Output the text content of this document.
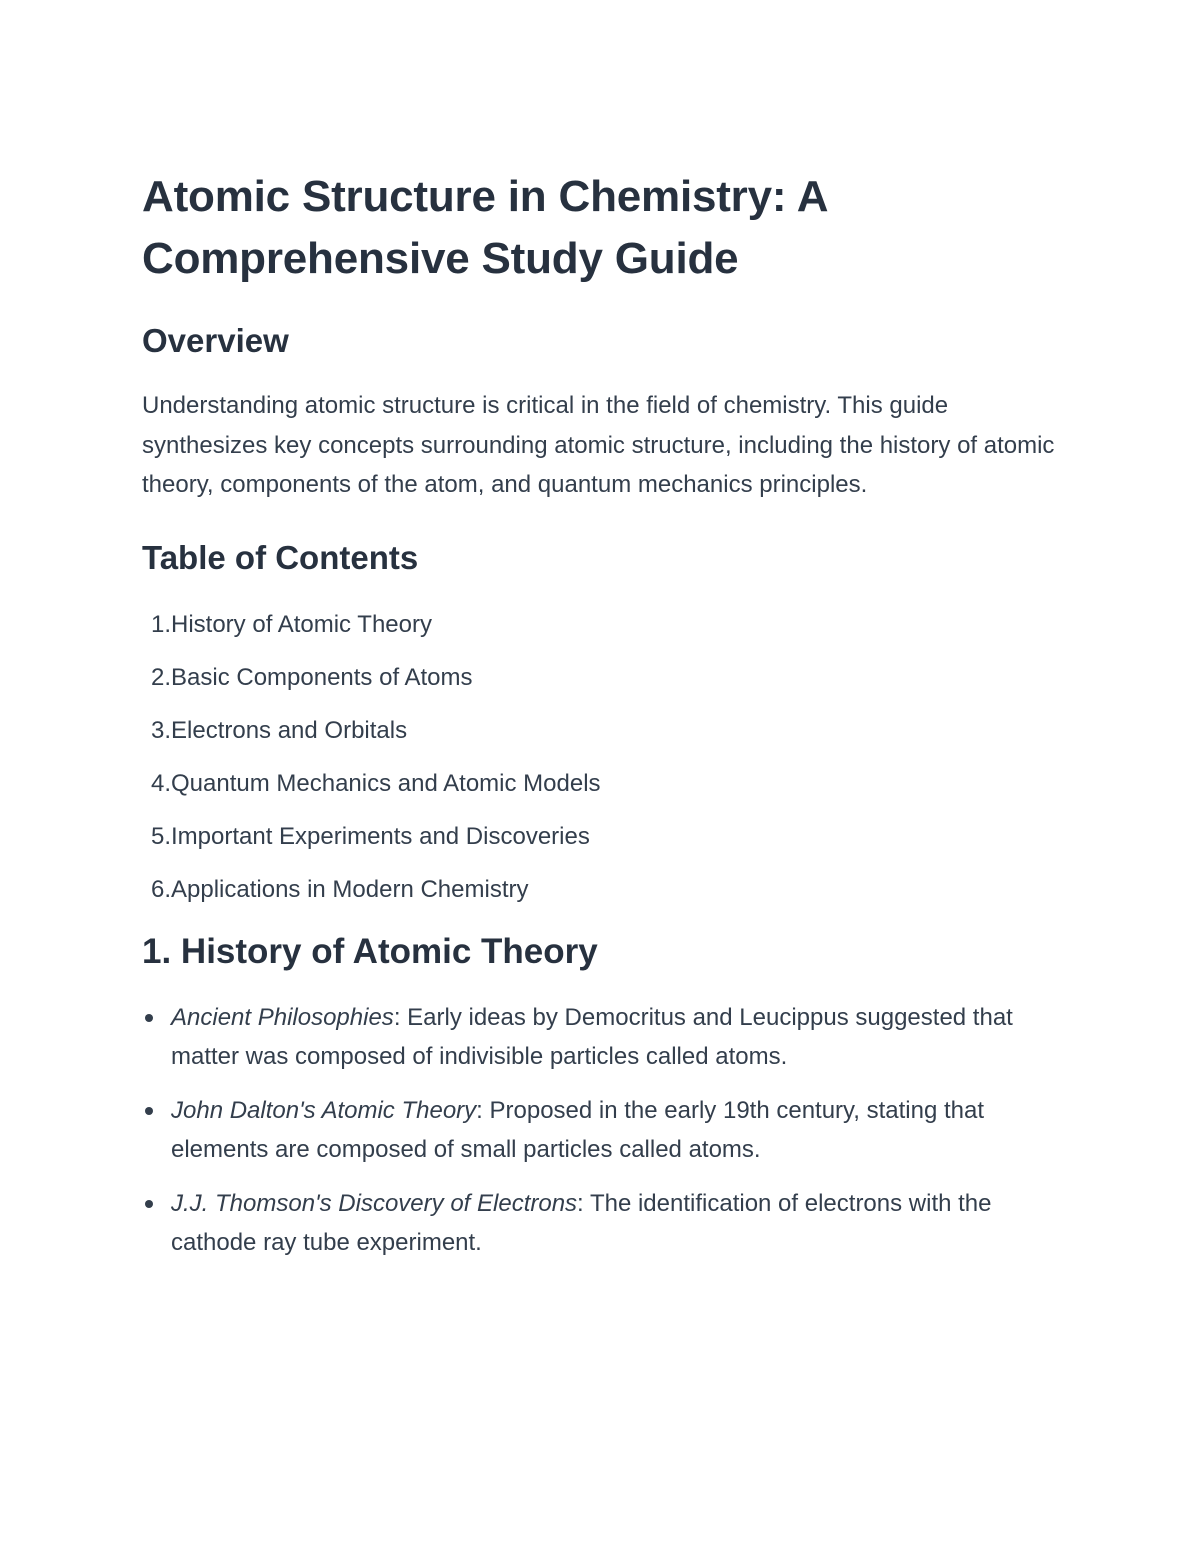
Atomic Structure in Chemistry: A Comprehensive Study Guide
Overview

Understanding atomic structure is critical in the field of chemistry. This guide synthesizes key concepts surrounding atomic structure, including the history of atomic theory, components of the atom, and quantum mechanics principles.

Table of Contents
1. History of Atomic Theory
2. Basic Components of Atoms
3. Electrons and Orbitals
4. Quantum Mechanics and Atomic Models
5. Important Experiments and Discoveries
6. Applications in Modern Chemistry
1. History of Atomic Theory
Ancient Philosophies: Early ideas by Democritus and Leucippus suggested that matter was composed of indivisible particles called atoms.
John Dalton's Atomic Theory: Proposed in the early 19th century, stating that elements are composed of small particles called atoms.
J.J. Thomson's Discovery of Electrons: The identification of electrons with the cathode ray tube experiment.
